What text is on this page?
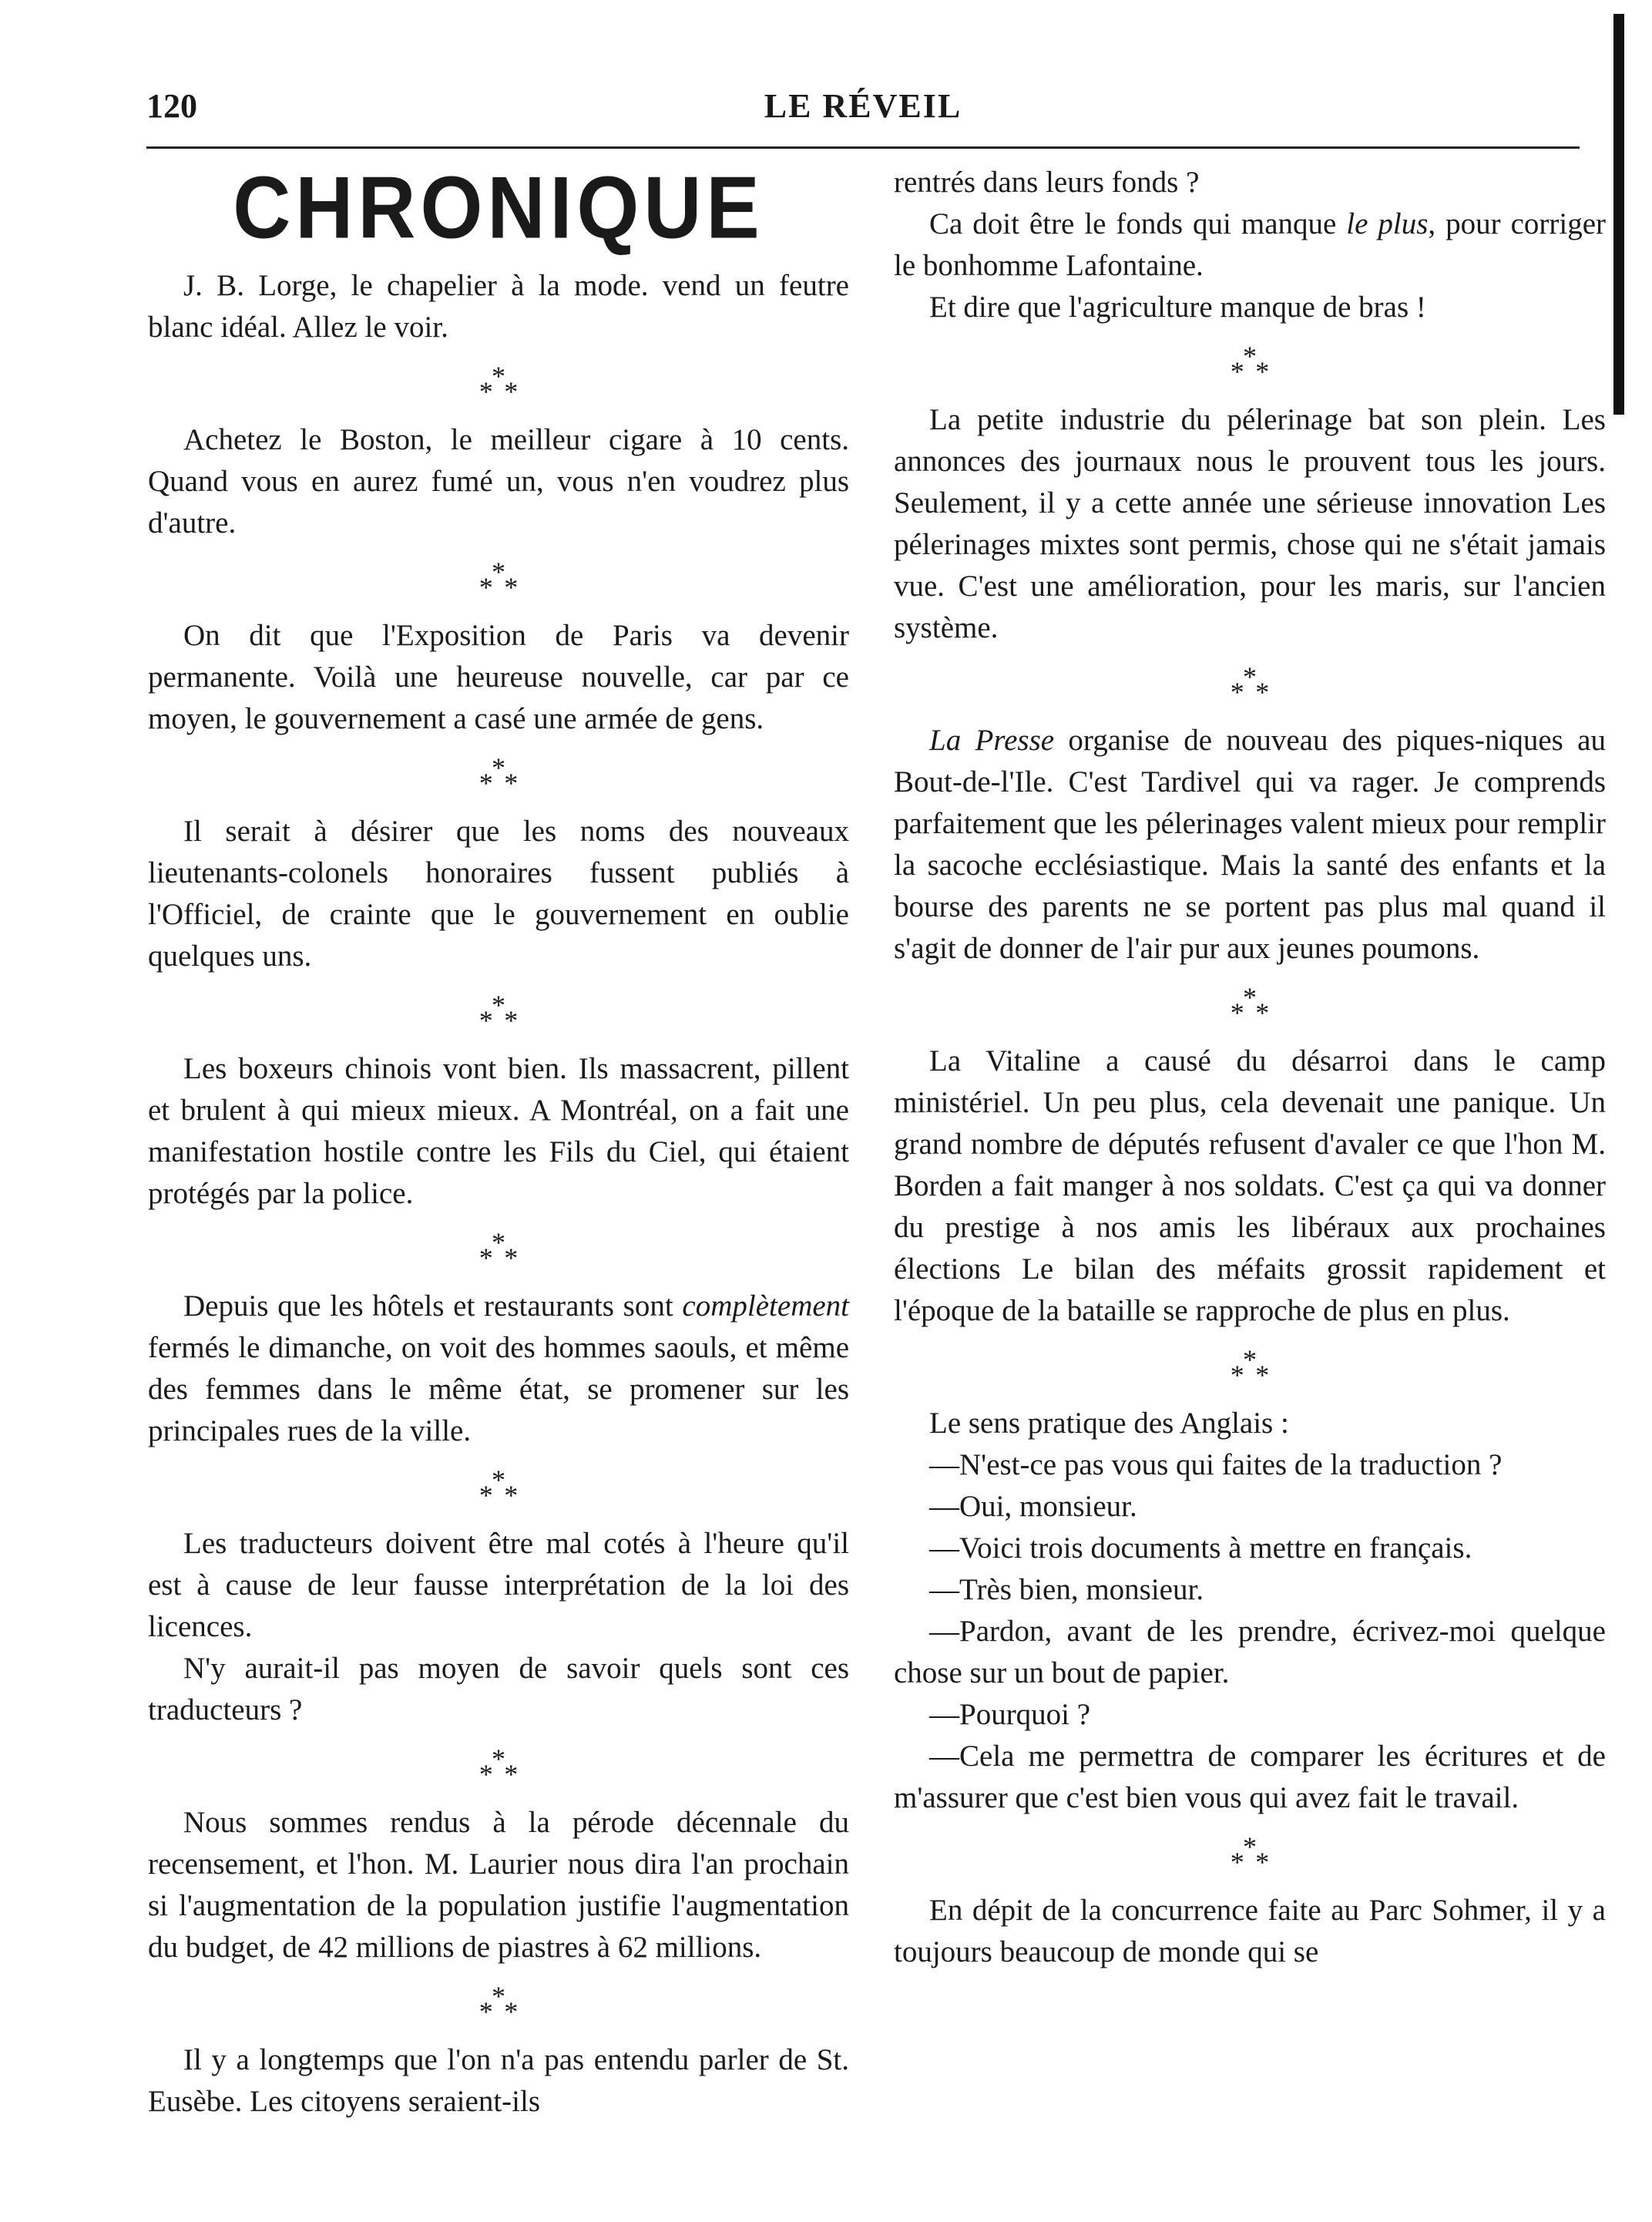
120	LE RÉVEIL
CHRONIQUE

J. B. Lorge, le chapelier à la mode. vend un feutre blanc idéal. Allez le voir.

*
* *

Achetez le Boston, le meilleur cigare à 10 cents. Quand vous en aurez fumé un, vous n'en voudrez plus d'autre.

*
* *

On dit que l'Exposition de Paris va devenir permanente. Voilà une heureuse nouvelle, car par ce moyen, le gouvernement a casé une armée de gens.

*
* *

Il serait à désirer que les noms des nouveaux lieutenants-colonels honoraires fussent publiés à l'Officiel, de crainte que le gouvernement en oublie quelques uns.

*
* *

Les boxeurs chinois vont bien. Ils massacrent, pillent et brulent à qui mieux mieux. A Montréal, on a fait une manifestation hostile contre les Fils du Ciel, qui étaient protégés par la police.

*
* *

Depuis que les hôtels et restaurants sont complètement fermés le dimanche, on voit des hommes saouls, et même des femmes dans le même état, se promener sur les principales rues de la ville.

*
* *

Les traducteurs doivent être mal cotés à l'heure qu'il est à cause de leur fausse interprétation de la loi des licences.

N'y aurait-il pas moyen de savoir quels sont ces traducteurs ?

*
* *

Nous sommes rendus à la pérode décennale du recensement, et l'hon. M. Laurier nous dira l'an prochain si l'augmentation de la population justifie l'augmentation du budget, de 42 millions de piastres à 62 millions.

*
* *

Il y a longtemps que l'on n'a pas entendu parler de St. Eusèbe. Les citoyens seraient-ils

rentrés dans leurs fonds ?

Ca doit être le fonds qui manque le plus, pour corriger le bonhomme Lafontaine.

Et dire que l'agriculture manque de bras !

*
* *

La petite industrie du pélerinage bat son plein. Les annonces des journaux nous le prouvent tous les jours. Seulement, il y a cette année une sérieuse innovation Les pélerinages mixtes sont permis, chose qui ne s'était jamais vue. C'est une amélioration, pour les maris, sur l'ancien système.

*
* *

La Presse organise de nouveau des piques-niques au Bout-de-l'Ile. C'est Tardivel qui va rager. Je comprends parfaitement que les pélerinages valent mieux pour remplir la sacoche ecclésiastique. Mais la santé des enfants et la bourse des parents ne se portent pas plus mal quand il s'agit de donner de l'air pur aux jeunes poumons.

*
* *

La Vitaline a causé du désarroi dans le camp ministériel. Un peu plus, cela devenait une panique. Un grand nombre de députés refusent d'avaler ce que l'hon M. Borden a fait manger à nos soldats. C'est ça qui va donner du prestige à nos amis les libéraux aux prochaines élections Le bilan des méfaits grossit rapidement et l'époque de la bataille se rapproche de plus en plus.

*
* *

Le sens pratique des Anglais :

—N'est-ce pas vous qui faites de la traduction ?

—Oui, monsieur.

—Voici trois documents à mettre en français.

—Très bien, monsieur.

—Pardon, avant de les prendre, écrivez-moi quelque chose sur un bout de papier.

—Pourquoi ?

—Cela me permettra de comparer les écritures et de m'assurer que c'est bien vous qui avez fait le travail.

*
* *

En dépit de la concurrence faite au Parc Sohmer, il y a toujours beaucoup de monde qui se
